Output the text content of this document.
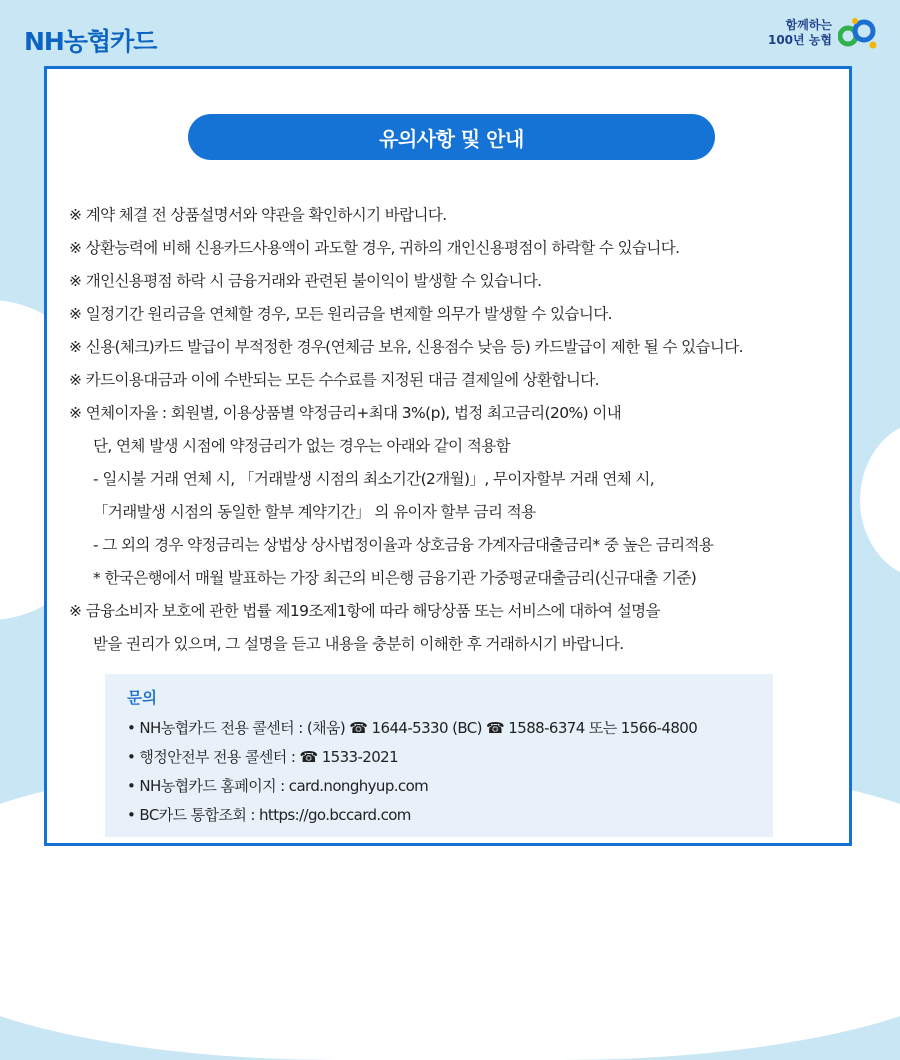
NH농협카드
함께하는
100년 농협
유의사항 및 안내
※ 계약 체결 전 상품설명서와 약관을 확인하시기 바랍니다.
※ 상환능력에 비해 신용카드사용액이 과도할 경우, 귀하의 개인신용평점이 하락할 수 있습니다.
※ 개인신용평점 하락 시 금융거래와 관련된 불이익이 발생할 수 있습니다.
※ 일정기간 원리금을 연체할 경우, 모든 원리금을 변제할 의무가 발생할 수 있습니다.
※ 신용(체크)카드 발급이 부적정한 경우(연체금 보유, 신용점수 낮음 등) 카드발급이 제한 될 수 있습니다.
※ 카드이용대금과 이에 수반되는 모든 수수료를 지정된 대금 결제일에 상환합니다.
※ 연체이자율 : 회원별, 이용상품별 약정금리+최대 3%(p), 법정 최고금리(20%) 이내
단, 연체 발생 시점에 약정금리가 없는 경우는 아래와 같이 적용함
- 일시불 거래 연체 시, 「거래발생 시점의 최소기간(2개월)」, 무이자할부 거래 연체 시,
「거래발생 시점의 동일한 할부 계약기간」 의 유이자 할부 금리 적용
- 그 외의 경우 약정금리는 상법상 상사법정이율과 상호금융 가계자금대출금리* 중 높은 금리적용
* 한국은행에서 매월 발표하는 가장 최근의 비은행 금융기관 가중평균대출금리(신규대출 기준)
※ 금융소비자 보호에 관한 법률 제19조제1항에 따라 해당상품 또는 서비스에 대하여 설명을
받을 권리가 있으며, 그 설명을 듣고 내용을 충분히 이해한 후 거래하시기 바랍니다.
문의
• NH농협카드 전용 콜센터 : (채움) ☎ 1644-5330 (BC) ☎ 1588-6374 또는 1566-4800
• 행정안전부 전용 콜센터 : ☎ 1533-2021
• NH농협카드 홈페이지 : card.nonghyup.com
• BC카드 통합조회 : https://go.bccard.com
